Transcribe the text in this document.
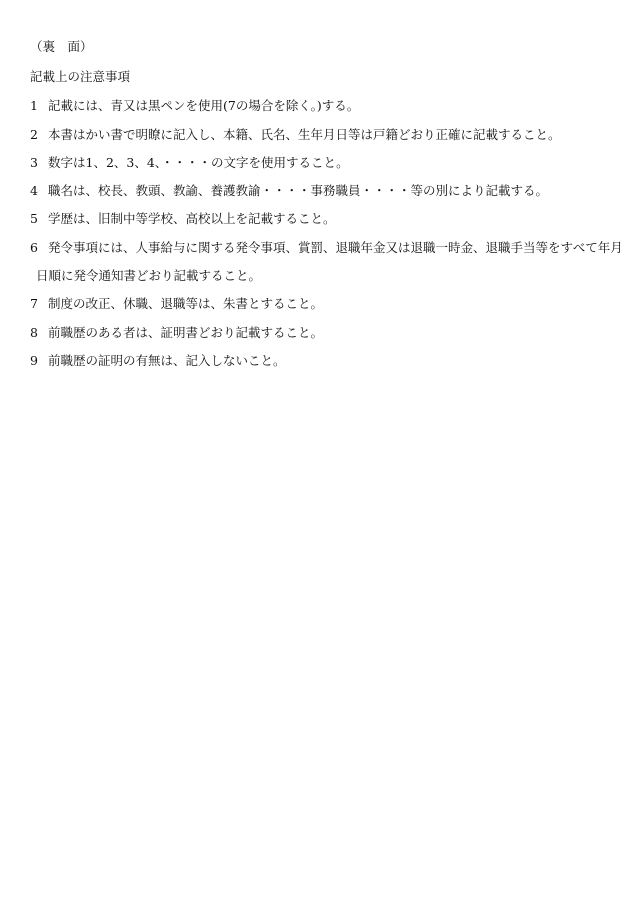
（裏　面）
記載上の注意事項
1 記載には、青又は黒ペンを使用(7の場合を除く。)する。
2 本書はかい書で明瞭に記入し、本籍、氏名、生年月日等は戸籍どおり正確に記載すること。
3 数字は1、2、3、4、・・・・の文字を使用すること。
4 職名は、校長、教頭、教諭、養護教諭・・・・事務職員・・・・等の別により記載する。
5 学歴は、旧制中等学校、高校以上を記載すること。
6 発令事項には、人事給与に関する発令事項、賞罰、退職年金又は退職一時金、退職手当等をすべて年月
日順に発令通知書どおり記載すること。
7 制度の改正、休職、退職等は、朱書とすること。
8 前職歴のある者は、証明書どおり記載すること。
9 前職歴の証明の有無は、記入しないこと。
